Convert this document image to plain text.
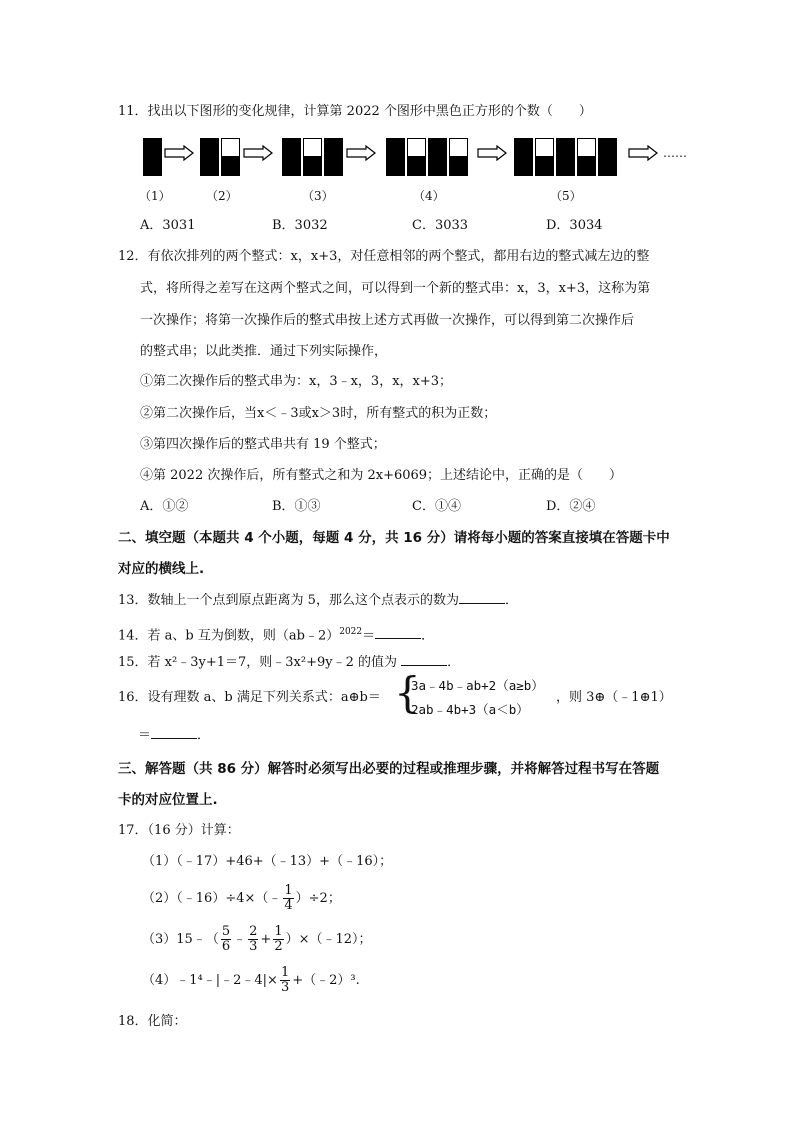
11．找出以下图形的变化规律，计算第 2022 个图形中黑色正方形的个数（　　）
……
（1）	（2）	（3）	（4）	（5）
A．3031	B．3032	C．3033	D．3034
12．有依次排列的两个整式：x，x+3，对任意相邻的两个整式，都用右边的整式减左边的整
式，将所得之差写在这两个整式之间，可以得到一个新的整式串：x，3，x+3，这称为第
一次操作；将第一次操作后的整式串按上述方式再做一次操作，可以得到第二次操作后
的整式串；以此类推．通过下列实际操作，
①第二次操作后的整式串为：x，3﹣x，3，x，x+3；
②第二次操作后，当x＜﹣3或x＞3时，所有整式的积为正数；
③第四次操作后的整式串共有 19 个整式；
④第 2022 次操作后，所有整式之和为 2x+6069；上述结论中，正确的是（　　）
A．①②	B．①③	C．①④	D．②④
二、填空题（本题共 4 个小题，每题 4 分，共 16 分）请将每小题的答案直接填在答题卡中
对应的横线上.
13．数轴上一个点到原点距离为 5，那么这个点表示的数为	．
14．若 a、b 互为倒数，则（ab﹣2）$^{2022}$＝	．
15．若 x²﹣3y+1＝7，则﹣3x²+9y﹣2 的值为	．
16．设有理数 a、b 满足下列关系式：a⊕b＝ {
3a﹣4b﹣ab+2（a≥b）
2ab﹣4b+3（a＜b）
，则 3⊕（﹣1⊕1）
＝	．
三、解答题（共 86 分）解答时必须写出必要的过程或推理步骤，并将解答过程书写在答题
卡的对应位置上.
17．（16 分）计算：
（1）（﹣17）+46+（﹣13）+（﹣16）；
（2）（﹣16）÷4×（﹣ $\frac{1}{4} )\div 2$；
（3）15﹣（ $\frac{5}{6}$ ﹣ $\frac{2}{3} + \frac{1}{2}$ ）×（﹣12）；
（4）﹣1⁴﹣|﹣2﹣4|× $\frac{1}{3}$ +（﹣2）³.
18．化简：
